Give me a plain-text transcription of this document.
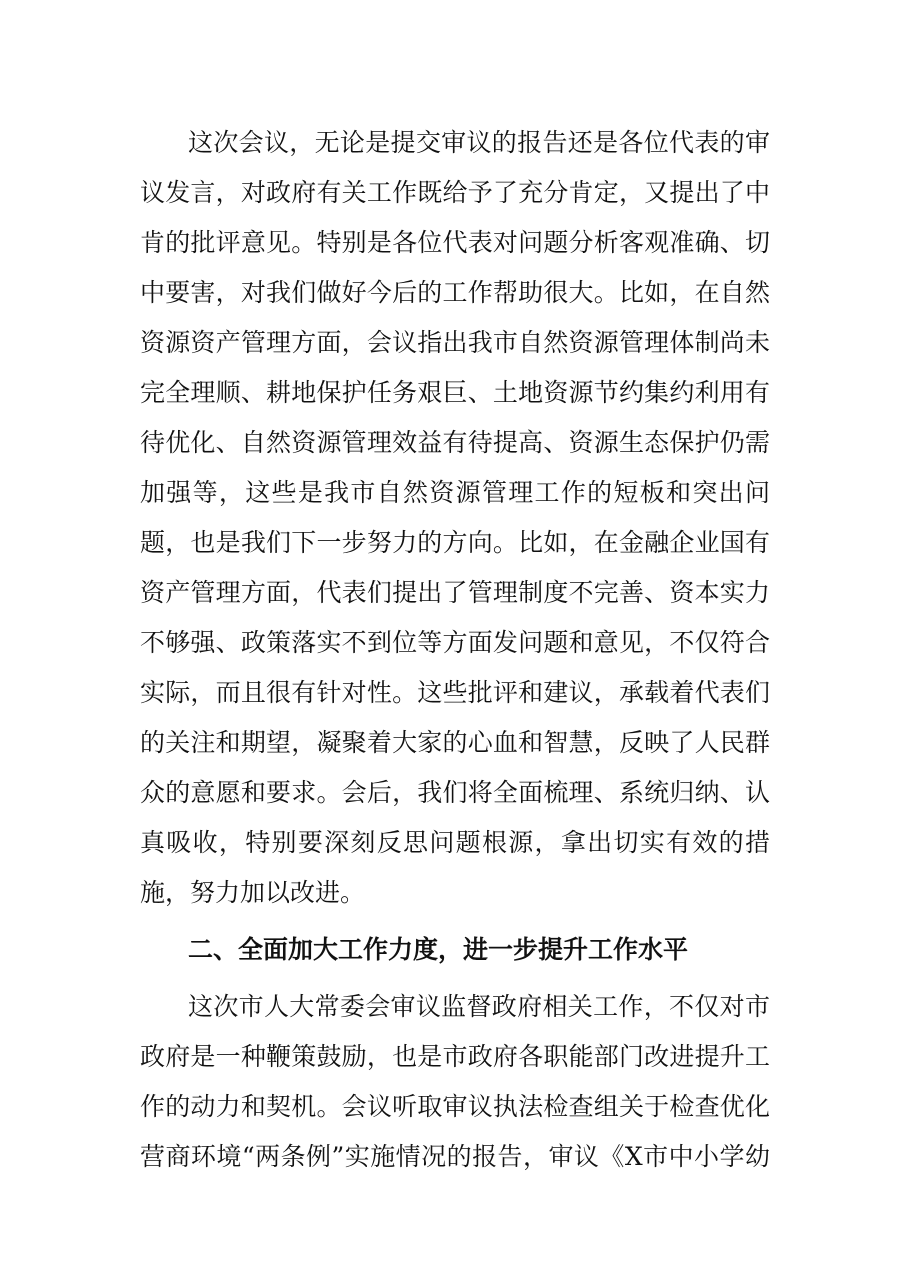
这次会议，无论是提交审议的报告还是各位代表的审
议发言，对政府有关工作既给予了充分肯定，又提出了中
肯的批评意见。特别是各位代表对问题分析客观准确、切
中要害，对我们做好今后的工作帮助很大。比如，在自然
资源资产管理方面，会议指出我市自然资源管理体制尚未
完全理顺、耕地保护任务艰巨、土地资源节约集约利用有
待优化、自然资源管理效益有待提高、资源生态保护仍需
加强等，这些是我市自然资源管理工作的短板和突出问
题，也是我们下一步努力的方向。比如，在金融企业国有
资产管理方面，代表们提出了管理制度不完善、资本实力
不够强、政策落实不到位等方面发问题和意见，不仅符合
实际，而且很有针对性。这些批评和建议，承载着代表们
的关注和期望，凝聚着大家的心血和智慧，反映了人民群
众的意愿和要求。会后，我们将全面梳理、系统归纳、认
真吸收，特别要深刻反思问题根源，拿出切实有效的措
施，努力加以改进。
二、全面加大工作力度，进一步提升工作水平
这次市人大常委会审议监督政府相关工作，不仅对市
政府是一种鞭策鼓励，也是市政府各职能部门改进提升工
作的动力和契机。会议听取审议执法检查组关于检查优化
营商环境“两条例”实施情况的报告，审议《X市中小学幼
